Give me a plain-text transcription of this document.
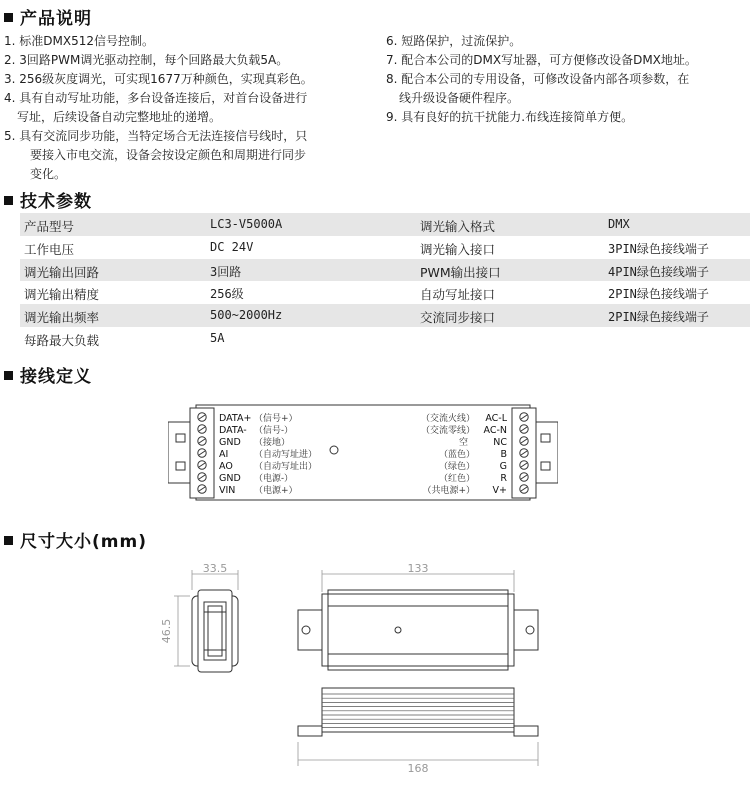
产品说明
技术参数
接线定义
尺寸大小(mm)
1. 标准DMX512信号控制。
2. 3回路PWM调光驱动控制，每个回路最大负载5A。
3. 256级灰度调光，可实现1677万种颜色，实现真彩色。
4. 具有自动写址功能，多台设备连接后，对首台设备进行
写址，后续设备自动完整地址的递增。
5. 具有交流同步功能，当特定场合无法连接信号线时，只
要接入市电交流，设备会按设定颜色和周期进行同步
变化。
6. 短路保护，过流保护。
7. 配合本公司的DMX写址器，可方便修改设备DMX地址。
8. 配合本公司的专用设备，可修改设备内部各项参数，在
线升级设备硬件程序。
9. 具有良好的抗干扰能力.布线连接简单方便。
产品型号	LC3-V5000A	调光输入格式	DMX
工作电压	DC 24V	调光输入接口	3PIN绿色接线端子
调光输出回路	3回路	PWM输出接口	4PIN绿色接线端子
调光输出精度	256级	自动写址接口	2PIN绿色接线端子
调光输出频率	500~2000Hz	交流同步接口	2PIN绿色接线端子
每路最大负载	5A
DATA+ （信号+）
DATA- （信号-）
GND （接地）
AI	（自动写址进）
AO （自动写址出）
GND （电源-）
VIN （电源+）
AC-L
（交流火线）
AC-N
（交流零线）
NC
空
B
（蓝色）
G
（绿色）
R
（红色）
V+
（共电源+）
33.5
46.5
133
168
